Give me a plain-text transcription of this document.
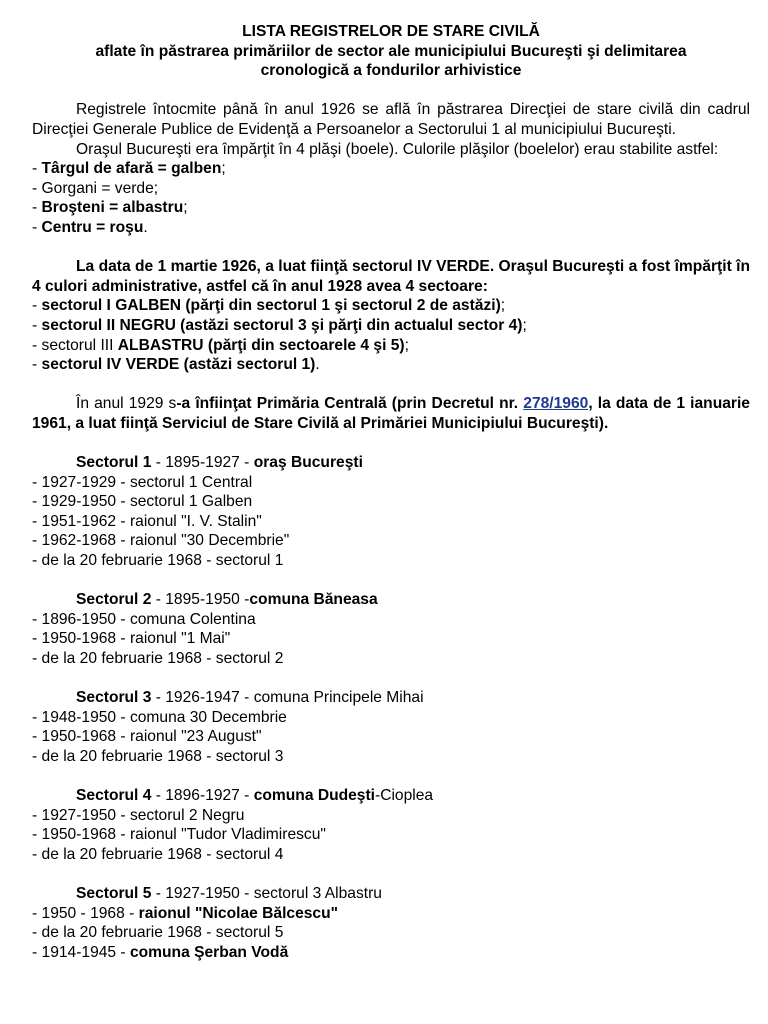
LISTA REGISTRELOR DE STARE CIVILĂ
aflate în păstrarea primăriilor de sector ale municipiului Bucureşti şi delimitarea
cronologică a fondurilor arhivistice
Registrele întocmite până în anul 1926 se află în păstrarea Direcţiei de stare civilă din cadrul Direcţiei Generale Publice de Evidenţă a Persoanelor a Sectorului 1 al municipiului Bucureşti.
Oraşul Bucureşti era împărţit în 4 plăşi (boele). Culorile plăşilor (boelelor) erau stabilite astfel:
- Târgul de afară = galben;
- Gorgani = verde;
- Broşteni = albastru;
- Centru = roşu.
La data de 1 martie 1926, a luat fiinţă sectorul IV VERDE. Oraşul Bucureşti a fost împărţit în 4 culori administrative, astfel că în anul 1928 avea 4 sectoare:
- sectorul I GALBEN (părţi din sectorul 1 şi sectorul 2 de astăzi);
- sectorul II NEGRU (astăzi sectorul 3 şi părţi din actualul sector 4);
- sectorul III ALBASTRU (părţi din sectoarele 4 şi 5);
- sectorul IV VERDE (astăzi sectorul 1).
În anul 1929 s-a înfiinţat Primăria Centrală (prin Decretul nr. 278/1960, la data de 1 ianuarie 1961, a luat fiinţă Serviciul de Stare Civilă al Primăriei Municipiului Bucureşti).
Sectorul 1 - 1895-1927 - oraş Bucureşti
- 1927-1929 - sectorul 1 Central
- 1929-1950 - sectorul 1 Galben
- 1951-1962 - raionul "I. V. Stalin"
- 1962-1968 - raionul "30 Decembrie"
- de la 20 februarie 1968 - sectorul 1
Sectorul 2 - 1895-1950 -comuna Băneasa
- 1896-1950 - comuna Colentina
- 1950-1968 - raionul "1 Mai"
- de la 20 februarie 1968 - sectorul 2
Sectorul 3 - 1926-1947 - comuna Principele Mihai
- 1948-1950 - comuna 30 Decembrie
- 1950-1968 - raionul "23 August"
- de la 20 februarie 1968 - sectorul 3
Sectorul 4 - 1896-1927 - comuna Dudeşti-Cioplea
- 1927-1950 - sectorul 2 Negru
- 1950-1968 - raionul "Tudor Vladimirescu"
- de la 20 februarie 1968 - sectorul 4
Sectorul 5 - 1927-1950 - sectorul 3 Albastru
- 1950 - 1968 - raionul "Nicolae Bălcescu"
- de la 20 februarie 1968 - sectorul 5
- 1914-1945 - comuna Şerban Vodă
